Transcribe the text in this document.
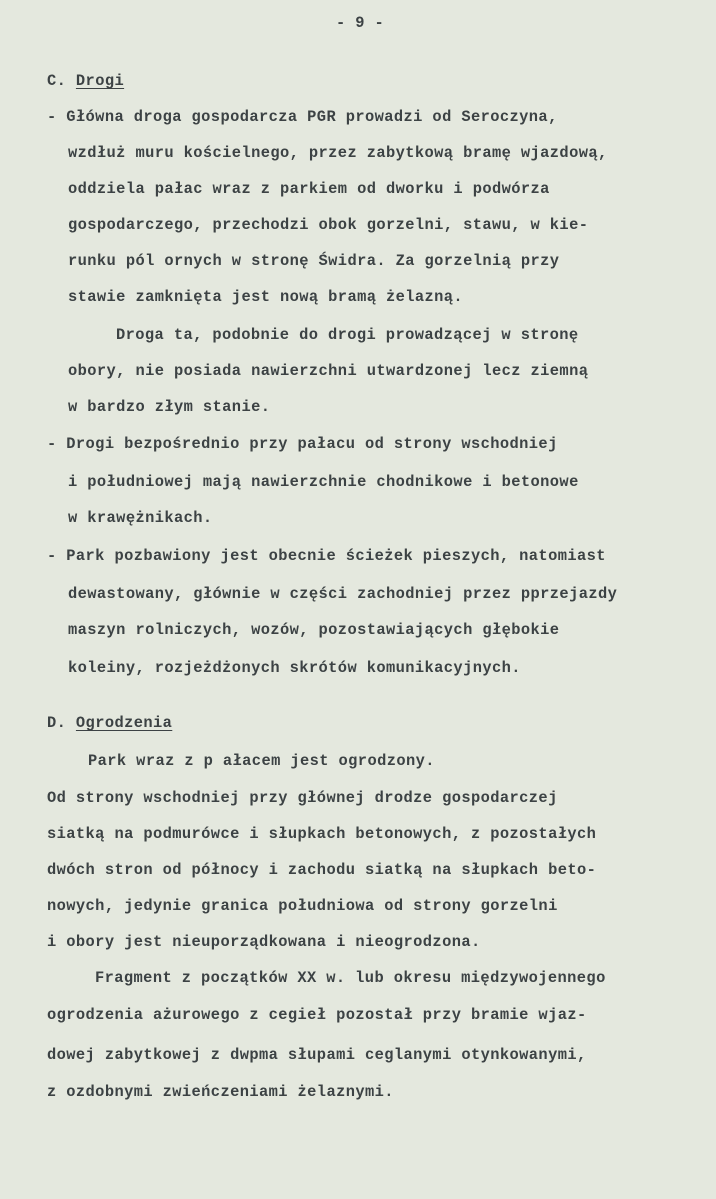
- 9 -
C. Drogi
- Główna droga gospodarcza PGR prowadzi od Seroczyna,
wzdłuż muru kościelnego, przez zabytkową bramę wjazdową,
oddziela pałac wraz z parkiem od dworku i podwórza
gospodarczego, przechodzi obok gorzelni, stawu, w kie-
runku pól ornych w stronę Świdra. Za gorzelnią przy
stawie zamknięta jest nową bramą żelazną.
Droga ta, podobnie do drogi prowadzącej w stronę
obory, nie posiada nawierzchni utwardzonej lecz ziemną
w bardzo złym stanie.
- Drogi bezpośrednio przy pałacu od strony wschodniej
i południowej mają nawierzchnie chodnikowe i betonowe
w krawężnikach.
- Park pozbawiony jest obecnie ścieżek pieszych, natomiast
dewastowany, głównie w części zachodniej przez pprzejazdy
maszyn rolniczych, wozów, pozostawiających głębokie
koleiny, rozjeżdżonych skrótów komunikacyjnych.
D. Ogrodzenia
Park wraz z p ałacem jest ogrodzony.
Od strony wschodniej przy głównej drodze gospodarczej
siatką na podmurówce i słupkach betonowych, z pozostałych
dwóch stron od północy i zachodu siatką na słupkach beto-
nowych, jedynie granica południowa od strony gorzelni
i obory jest nieuporządkowana i nieogrodzona.
Fragment z początków XX w. lub okresu międzywojennego
ogrodzenia ażurowego z cegieł pozostał przy bramie wjaz-
dowej zabytkowej z dwpma słupami ceglanymi otynkowanymi,
z ozdobnymi zwieńczeniami żelaznymi.
